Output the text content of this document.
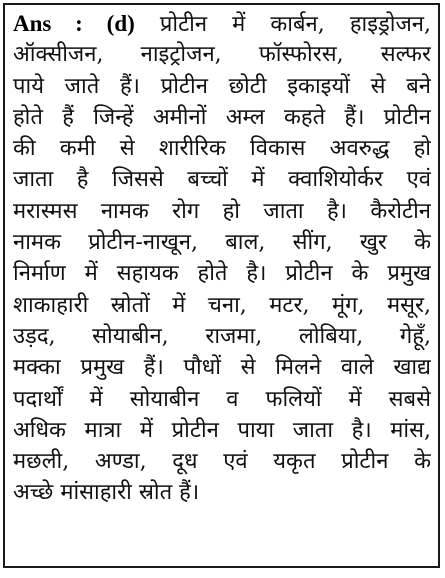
Ans : (d) प्रोटीन में कार्बन, हाइड्रोजन,
ऑक्सीजन, नाइट्रोजन, फॉस्फोरस, सल्फर
पाये जाते हैं। प्रोटीन छोटी इकाइयों से बने
होते हैं जिन्हें अमीनों अम्ल कहते हैं। प्रोटीन
की कमी से शारीरिक विकास अवरुद्ध हो
जाता है जिससे बच्चों में क्वाशियोर्कर एवं
मरास्मस नामक रोग हो जाता है। कैरोटीन
नामक प्रोटीन-नाखून, बाल, सींग, खुर के
निर्माण में सहायक होते है। प्रोटीन के प्रमुख
शाकाहारी स्रोतों में चना, मटर, मूंग, मसूर,
उड़द, सोयाबीन, राजमा, लोबिया, गेहूँ,
मक्का प्रमुख हैं। पौधों से मिलने वाले खाद्य
पदार्थों में सोयाबीन व फलियों में सबसे
अधिक मात्रा में प्रोटीन पाया जाता है। मांस,
मछली, अण्डा, दूध एवं यकृत प्रोटीन के
अच्छे मांसाहारी स्रोत हैं।
